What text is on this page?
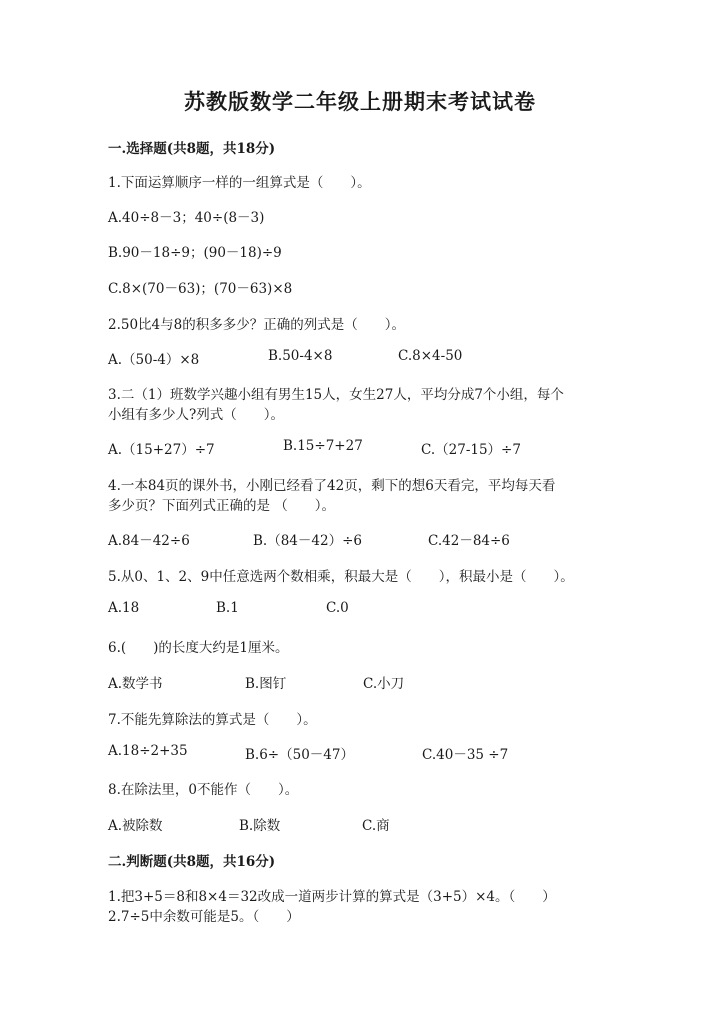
苏教版数学二年级上册期末考试试卷
一.选择题(共8题，共18分)
1.下面运算顺序一样的一组算式是（　　）。
A.40÷8－3；40÷(8－3)
B.90－18÷9；(90－18)÷9
C.8×(70－63)；(70－63)×8
2.50比4与8的积多多少？正确的列式是（　　）。
A.（50-4）×8	B.50-4×8	C.8×4-50
3.二（1）班数学兴趣小组有男生15人，女生27人，平均分成7个小组，每个
小组有多少人?列式（　　）。
A.（15+27）÷7	B.15÷7+27	C.（27-15）÷7
4.一本84页的课外书，小刚已经看了42页，剩下的想6天看完，平均每天看
多少页？下面列式正确的是 （　　）。
A.84－42÷6	B.（84－42）÷6	C.42－84÷6
5.从0、1、2、9中任意选两个数相乘，积最大是（　　），积最小是（　　）。
A.18	B.1	C.0
6.(　　)的长度大约是1厘米。
A.数学书	B.图钉	C.小刀
7.不能先算除法的算式是（　　）。
A.18÷2+35	B.6÷（50－47）	C.40－35 ÷7
8.在除法里，0不能作（　　）。
A.被除数	B.除数	C.商
二.判断题(共8题，共16分)
1.把3+5＝8和8×4＝32改成一道两步计算的算式是（3+5）×4。（　　）
2.7÷5中余数可能是5。（　　）
